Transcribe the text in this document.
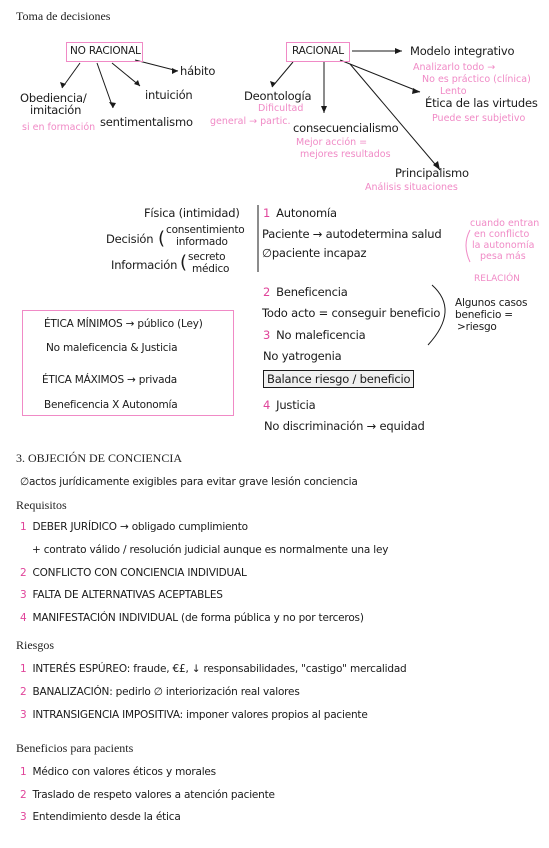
Toma de decisiones
NO RACIONAL
Obediencia/
imitación
si en formación sentimentalismo
intuición
hábito
RACIONAL
Deontología
Dificultad
general → partic. consecuencialismo
Mejor acción =
mejores resultados
Principalismo
Análisis situaciones
Modelo integrativo
Analizarlo todo →
No es práctico (clínica)
Lento
Ética de las virtudes
Puede ser subjetivo
Física (intimidad)
Decisión ( consentimiento
informado
Información ( secreto
médico
1 Autonomía
Paciente → autodetermina salud
∅paciente incapaz
cuando entran
en conflicto
la autonomía
pesa más
RELACIÓN
2 Beneficencia
Todo acto = conseguir beneficio
3 No maleficencia
No yatrogenia
Balance riesgo / beneficio
4 Justicia
No discriminación → equidad
Algunos casos
beneficio =
>riesgo
ÉTICA MÍNIMOS → público (Ley)
No maleficencia & Justicia
ÉTICA MÁXIMOS → privada
Beneficencia X Autonomía
3. OBJECIÓN DE CONCIENCIA
∅actos jurídicamente exigibles para evitar grave lesión conciencia
Requisitos
1 DEBER JURÍDICO → obligado cumplimiento
+ contrato válido / resolución judicial aunque es normalmente una ley
2 CONFLICTO CON CONCIENCIA INDIVIDUAL
3 FALTA DE ALTERNATIVAS ACEPTABLES
4 MANIFESTACIÓN INDIVIDUAL (de forma pública y no por terceros)
Riesgos
1 INTERÉS ESPÚREO: fraude, €£, ↓ responsabilidades, "castigo" mercalidad
2 BANALIZACIÓN: pedirlo ∅ interiorización real valores
3 INTRANSIGENCIA IMPOSITIVA: imponer valores propios al paciente
Beneficios para pacients
1 Médico con valores éticos y morales
2 Traslado de respeto valores a atención paciente
3 Entendimiento desde la ética
